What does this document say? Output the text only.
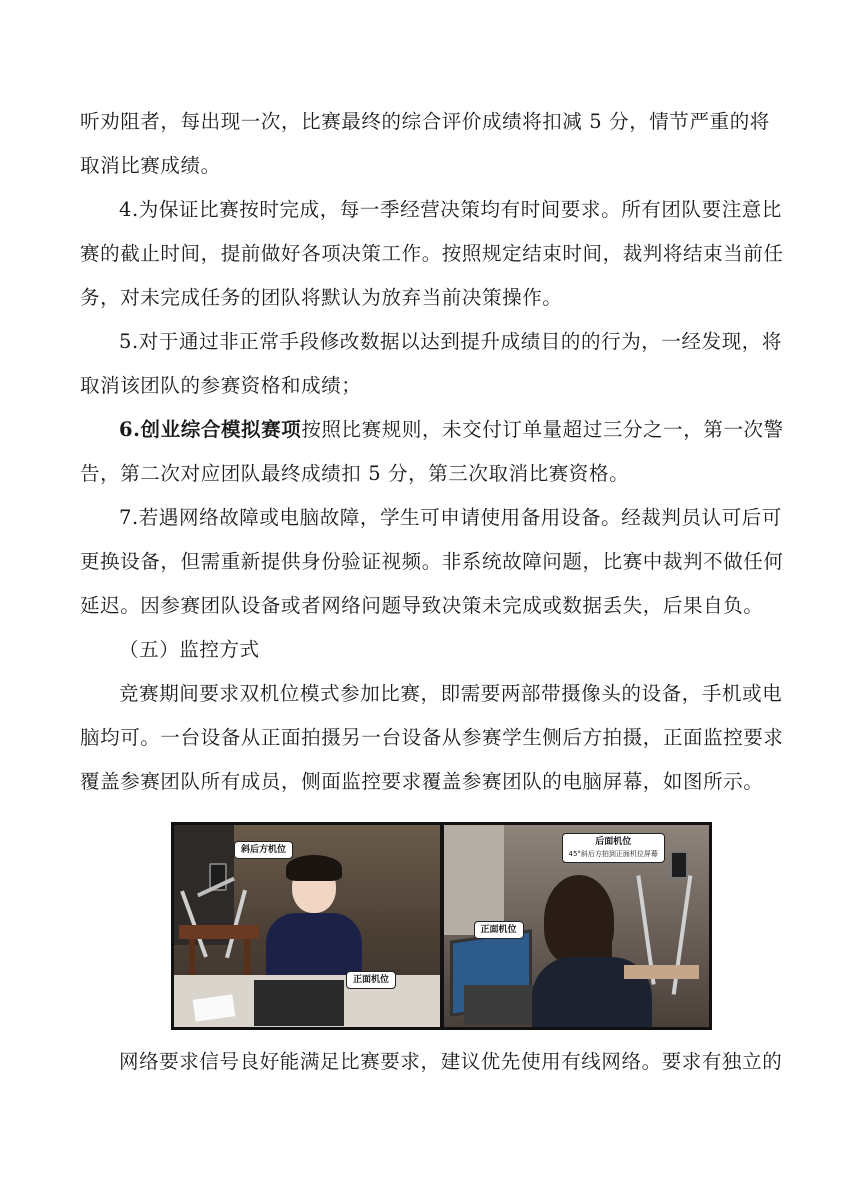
听劝阻者，每出现一次，比赛最终的综合评价成绩将扣减 5 分，情节严重的将

取消比赛成绩。

4.为保证比赛按时完成，每一季经营决策均有时间要求。所有团队要注意比

赛的截止时间，提前做好各项决策工作。按照规定结束时间，裁判将结束当前任

务，对未完成任务的团队将默认为放弃当前决策操作。

5.对于通过非正常手段修改数据以达到提升成绩目的的行为，一经发现，将

取消该团队的参赛资格和成绩；

6.创业综合模拟赛项按照比赛规则，未交付订单量超过三分之一，第一次警

告，第二次对应团队最终成绩扣 5 分，第三次取消比赛资格。

7.若遇网络故障或电脑故障，学生可申请使用备用设备。经裁判员认可后可

更换设备，但需重新提供身份验证视频。非系统故障问题，比赛中裁判不做任何

延迟。因参赛团队设备或者网络问题导致决策未完成或数据丢失，后果自负。

（五）监控方式

竞赛期间要求双机位模式参加比赛，即需要两部带摄像头的设备，手机或电

脑均可。一台设备从正面拍摄另一台设备从参赛学生侧后方拍摄，正面监控要求

覆盖参赛团队所有成员，侧面监控要求覆盖参赛团队的电脑屏幕，如图所示。

斜后方机位
正面机位
后面机位
45°斜后方拍到正面机位屏幕
正面机位

网络要求信号良好能满足比赛要求，建议优先使用有线网络。要求有独立的
